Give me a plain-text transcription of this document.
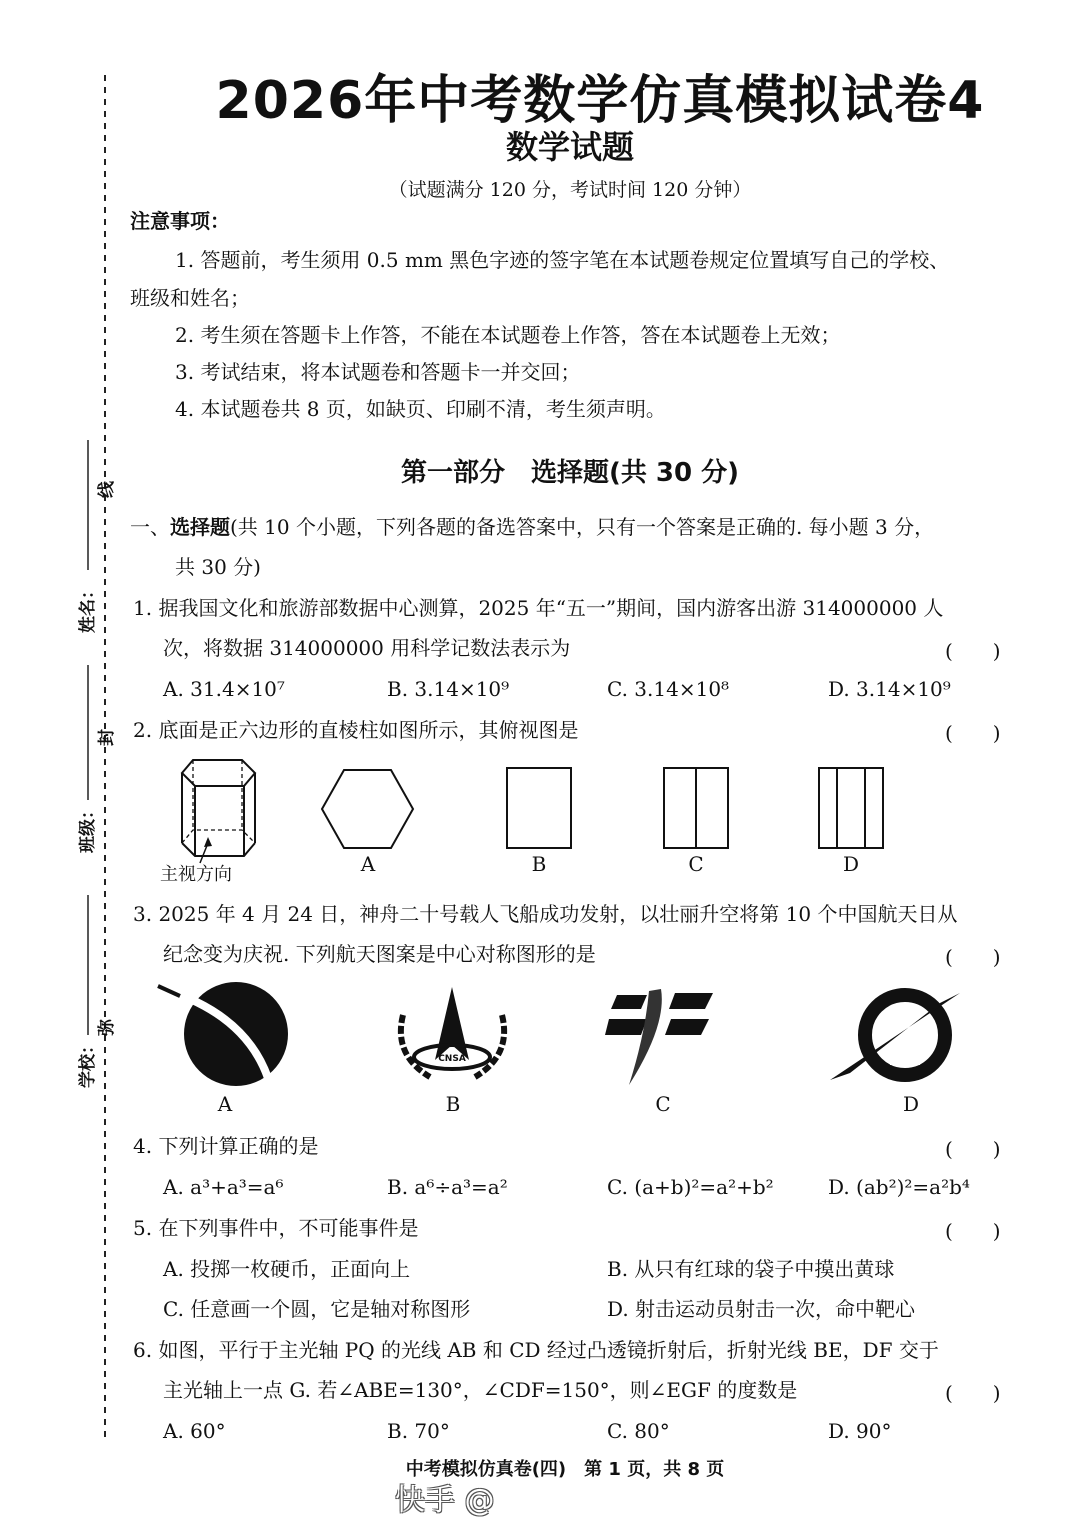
线
封
弥
姓名：
班级：
学校：
2026年中考数学仿真模拟试卷4
数学试题
（试题满分 120 分，考试时间 120 分钟）
注意事项：
1. 答题前，考生须用 0.5 mm 黑色字迹的签字笔在本试题卷规定位置填写自己的学校、
班级和姓名；
2. 考生须在答题卡上作答，不能在本试题卷上作答，答在本试题卷上无效；
3. 考试结束，将本试题卷和答题卡一并交回；
4. 本试题卷共 8 页，如缺页、印刷不清，考生须声明。
第一部分　选择题(共 30 分)
一、选择题(共 10 个小题，下列各题的备选答案中，只有一个答案是正确的. 每小题 3 分，
共 30 分)
1. 据我国文化和旅游部数据中心测算，2025 年“五一”期间，国内游客出游 314000000 人
次，将数据 314000000 用科学记数法表示为	(　　)
A. 31.4×10⁷	B. 3.14×10⁹	C. 3.14×10⁸	D. 3.14×10⁹
2. 底面是正六边形的直棱柱如图所示，其俯视图是	(　　)
主视方向	A	B	C	D
3. 2025 年 4 月 24 日，神舟二十号载人飞船成功发射，以壮丽升空将第 10 个中国航天日从
纪念变为庆祝. 下列航天图案是中心对称图形的是	(　　)
CNSA
A	B	C	D
4. 下列计算正确的是	(　　)
A. a³+a³=a⁶	B. a⁶÷a³=a²	C. (a+b)²=a²+b²	D. (ab²)²=a²b⁴
5. 在下列事件中，不可能事件是	(　　)
A. 投掷一枚硬币，正面向上	B. 从只有红球的袋子中摸出黄球
C. 任意画一个圆，它是轴对称图形	D. 射击运动员射击一次，命中靶心
6. 如图，平行于主光轴 PQ 的光线 AB 和 CD 经过凸透镜折射后，折射光线 BE，DF 交于
主光轴上一点 G. 若∠ABE=130°，∠CDF=150°，则∠EGF 的度数是	(　　)
A. 60°	B. 70°	C. 80°	D. 90°
中考模拟仿真卷(四)　第 1 页，共 8 页
快手 @
